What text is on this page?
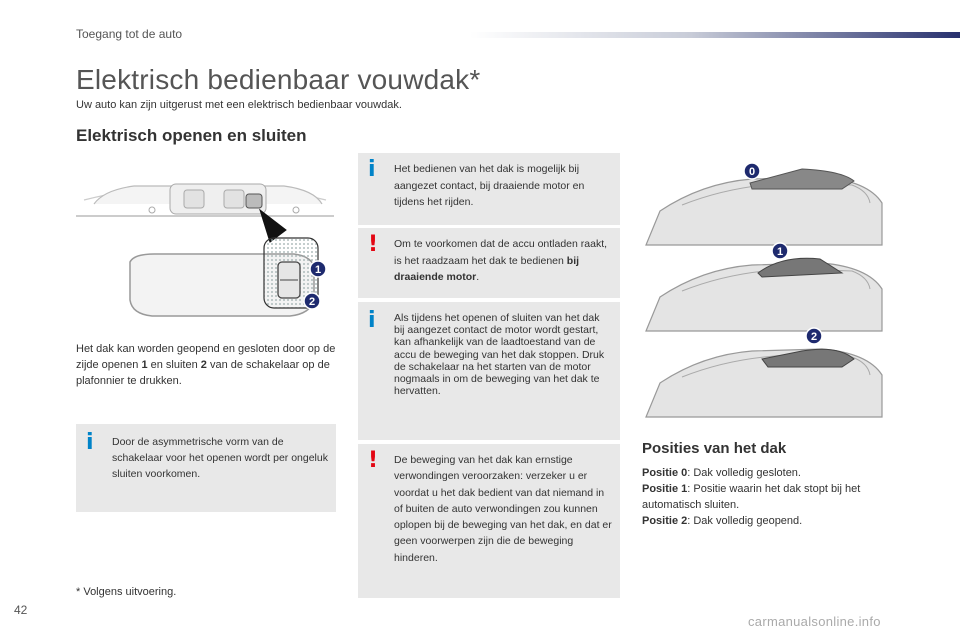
Toegang tot de auto
Elektrisch bedienbaar vouwdak*

Uw auto kan zijn uitgerust met een elektrisch bedienbaar vouwdak.

Elektrisch openen en sluiten
1
2

Het dak kan worden geopend en gesloten door op de zijde openen 1 en sluiten 2 van de schakelaar op de plafonnier te drukken.

i Door de asymmetrische vorm van de schakelaar voor het openen wordt per ongeluk sluiten voorkomen.
i Het bedienen van het dak is mogelijk bij aangezet contact, bij draaiende motor en tijdens het rijden.
! Om te voorkomen dat de accu ontladen raakt, is het raadzaam het dak te bedienen bij draaiende motor.
i Als tijdens het openen of sluiten van het dak bij aangezet contact de motor wordt gestart, kan afhankelijk van de laadtoestand van de accu de beweging van het dak stoppen. Druk de schakelaar na het starten van de motor nogmaals in om de beweging van het dak te hervatten.
! De beweging van het dak kan ernstige verwondingen veroorzaken: verzeker u er voordat u het dak bedient van dat niemand in of buiten de auto verwondingen zou kunnen oplopen bij de beweging van het dak, en dat er geen voorwerpen zijn die de beweging hinderen.

* Volgens uitvoering.

0
1
2
Posities van het dak
Positie 0: Dak volledig gesloten.
Positie 1: Positie waarin het dak stopt bij het automatisch sluiten.
Positie 2: Dak volledig geopend.
42
carmanualsonline.info
